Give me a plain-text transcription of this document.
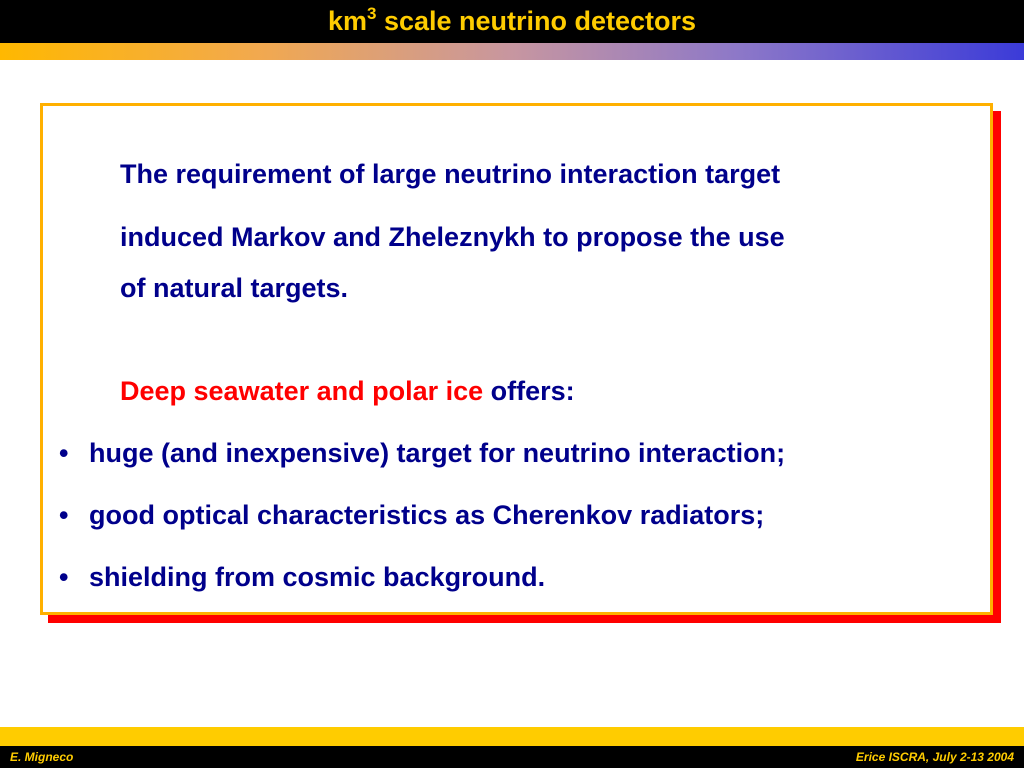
$km^3$ scale neutrino detectors

The requirement of large neutrino interaction target

induced Markov and Zheleznykh to propose the use

of natural targets.

Deep seawater and polar ice offers:

• huge (and inexpensive) target for neutrino interaction;
• good optical characteristics as Cherenkov radiators;
• shielding from cosmic background.
E. Migneco	Erice ISCRA, July 2-13 2004
